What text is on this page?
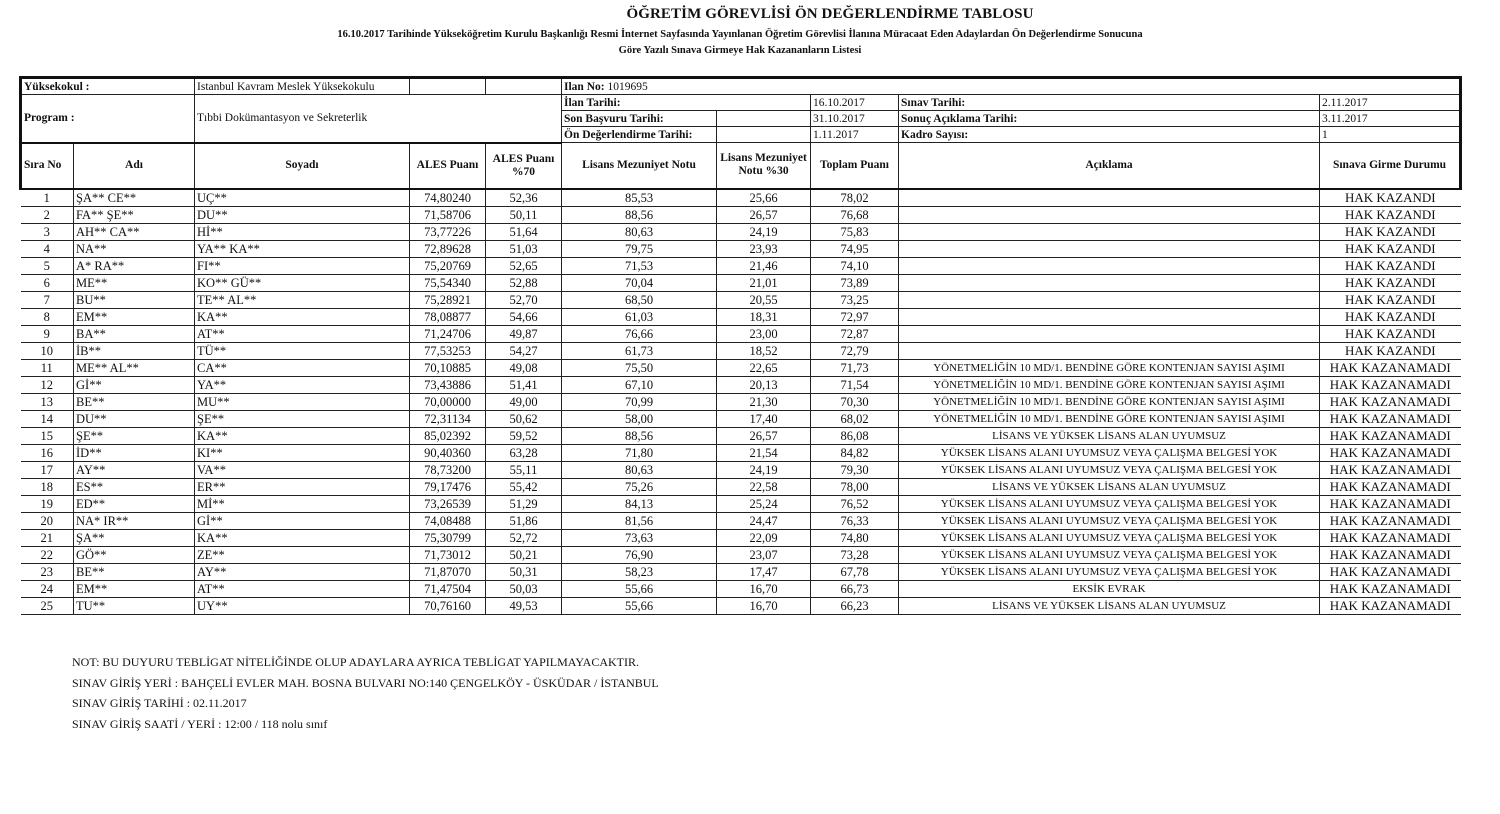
ÖĞRETİM GÖREVLİSİ ÖN DEĞERLENDİRME TABLOSU
16.10.2017 Tarihinde Yükseköğretim Kurulu Başkanlığı Resmi İnternet Sayfasında Yayınlanan Öğretim Görevlisi İlanına Müracaat Eden Adaylardan Ön Değerlendirme Sonucuna
Göre Yazılı Sınava Girmeye Hak Kazananların Listesi
Yüksekokul :		Istanbul Kavram Meslek Yüksekokulu			Ilan No: 1019695				
Program :		Tıbbi Dokümantasyon ve Sekreterlik			İlan Tarihi:		16.10.2017	Sınav Tarihi:	2.11.2017
					Son Başvuru Tarihi:		31.10.2017	Sonuç Açıklama Tarihi:	3.11.2017
					Ön Değerlendirme Tarihi:		1.11.2017	Kadro Sayısı:	1
Sıra No	Adı	Soyadı	ALES Puanı	ALES Puanı %70	Lisans Mezuniyet Notu	Lisans Mezuniyet Notu %30	Toplam Puanı	Açıklama	Sınava Girme Durumu
1	ŞA** CE**	UÇ**	74,80240	52,36	85,53	25,66	78,02		HAK KAZANDI
2	FA** ŞE**	DU**	71,58706	50,11	88,56	26,57	76,68		HAK KAZANDI
3	AH** CA**	Hİ**	73,77226	51,64	80,63	24,19	75,83		HAK KAZANDI
4	NA**	YA** KA**	72,89628	51,03	79,75	23,93	74,95		HAK KAZANDI
5	A* RA**	FI**	75,20769	52,65	71,53	21,46	74,10		HAK KAZANDI
6	ME**	KO** GÜ**	75,54340	52,88	70,04	21,01	73,89		HAK KAZANDI
7	BU**	TE** AL**	75,28921	52,70	68,50	20,55	73,25		HAK KAZANDI
8	EM**	KA**	78,08877	54,66	61,03	18,31	72,97		HAK KAZANDI
9	BA**	AT**	71,24706	49,87	76,66	23,00	72,87		HAK KAZANDI
10	İB**	TÜ**	77,53253	54,27	61,73	18,52	72,79		HAK KAZANDI
11	ME** AL**	CA**	70,10885	49,08	75,50	22,65	71,73	YÖNETMELİĞİN 10 MD/1. BENDİNE GÖRE KONTENJAN SAYISI AŞIMI	HAK KAZANAMADI
12	Gİ**	YA**	73,43886	51,41	67,10	20,13	71,54	YÖNETMELİĞİN 10 MD/1. BENDİNE GÖRE KONTENJAN SAYISI AŞIMI	HAK KAZANAMADI
13	BE**	MU**	70,00000	49,00	70,99	21,30	70,30	YÖNETMELİĞİN 10 MD/1. BENDİNE GÖRE KONTENJAN SAYISI AŞIMI	HAK KAZANAMADI
14	DU**	ŞE**	72,31134	50,62	58,00	17,40	68,02	YÖNETMELİĞİN 10 MD/1. BENDİNE GÖRE KONTENJAN SAYISI AŞIMI	HAK KAZANAMADI
15	ŞE**	KA**	85,02392	59,52	88,56	26,57	86,08	LİSANS VE YÜKSEK LİSANS ALAN UYUMSUZ	HAK KAZANAMADI
16	İD**	KI**	90,40360	63,28	71,80	21,54	84,82	YÜKSEK LİSANS ALANI UYUMSUZ VEYA ÇALIŞMA BELGESİ YOK	HAK KAZANAMADI
17	AY**	VA**	78,73200	55,11	80,63	24,19	79,30	YÜKSEK LİSANS ALANI UYUMSUZ VEYA ÇALIŞMA BELGESİ YOK	HAK KAZANAMADI
18	ES**	ER**	79,17476	55,42	75,26	22,58	78,00	LİSANS VE YÜKSEK LİSANS ALAN UYUMSUZ	HAK KAZANAMADI
19	ED**	Mİ**	73,26539	51,29	84,13	25,24	76,52	YÜKSEK LİSANS ALANI UYUMSUZ VEYA ÇALIŞMA BELGESİ YOK	HAK KAZANAMADI
20	NA* IR**	Gİ**	74,08488	51,86	81,56	24,47	76,33	YÜKSEK LİSANS ALANI UYUMSUZ VEYA ÇALIŞMA BELGESİ YOK	HAK KAZANAMADI
21	ŞA**	KA**	75,30799	52,72	73,63	22,09	74,80	YÜKSEK LİSANS ALANI UYUMSUZ VEYA ÇALIŞMA BELGESİ YOK	HAK KAZANAMADI
22	GÖ**	ZE**	71,73012	50,21	76,90	23,07	73,28	YÜKSEK LİSANS ALANI UYUMSUZ VEYA ÇALIŞMA BELGESİ YOK	HAK KAZANAMADI
23	BE**	AY**	71,87070	50,31	58,23	17,47	67,78	YÜKSEK LİSANS ALANI UYUMSUZ VEYA ÇALIŞMA BELGESİ YOK	HAK KAZANAMADI
24	EM**	AT**	71,47504	50,03	55,66	16,70	66,73	EKSİK EVRAK	HAK KAZANAMADI
25	TU**	UY**	70,76160	49,53	55,66	16,70	66,23	LİSANS VE YÜKSEK LİSANS ALAN UYUMSUZ	HAK KAZANAMADI
NOT: BU DUYURU TEBLİGAT NİTELİĞİNDE OLUP ADAYLARA AYRICA TEBLİGAT YAPILMAYACAKTIR.
SINAV GİRİŞ YERİ : BAHÇELİ EVLER MAH. BOSNA BULVARI NO:140 ÇENGELKÖY - ÜSKÜDAR / İSTANBUL
SINAV GİRİŞ TARİHİ : 02.11.2017
SINAV GİRİŞ SAATİ / YERİ : 12:00 / 118 nolu sınıf
